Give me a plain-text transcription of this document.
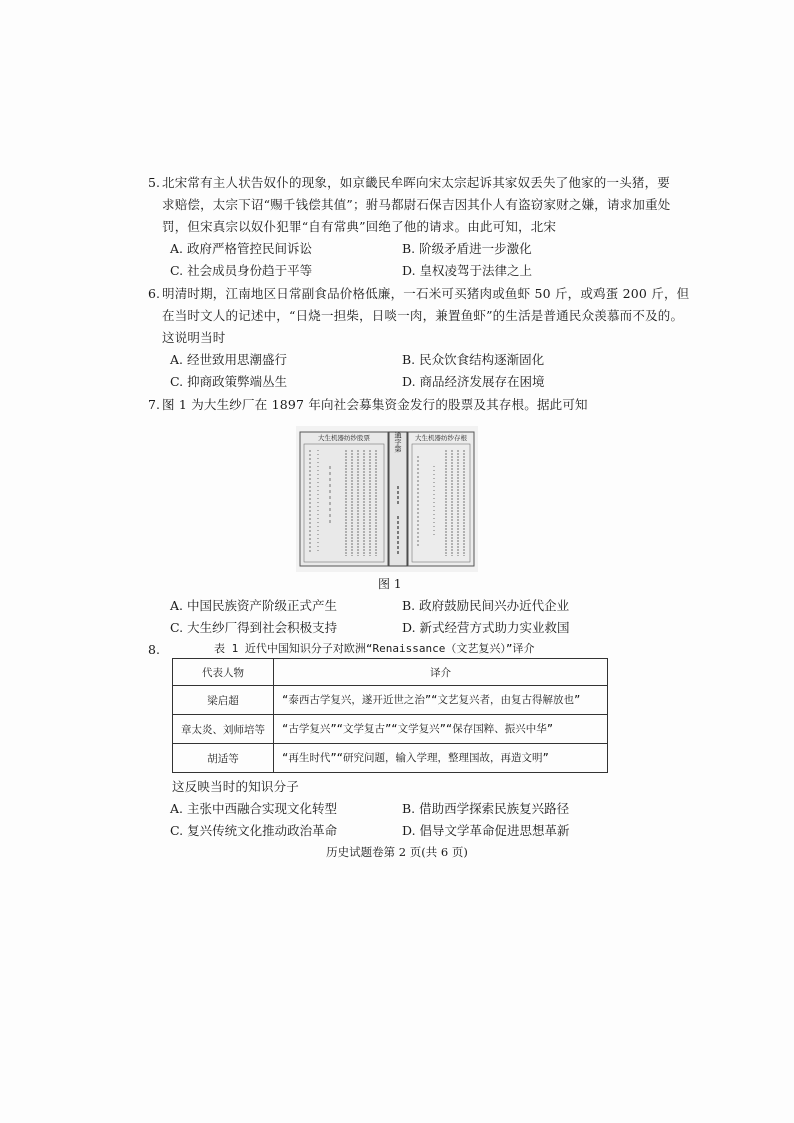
5. 北宋常有主人状告奴仆的现象，如京畿民牟晖向宋太宗起诉其家奴丢失了他家的一头猪，要
求赔偿，太宗下诏“赐千钱偿其值”；驸马都尉石保吉因其仆人有盗窃家财之嫌，请求加重处
罚，但宋真宗以奴仆犯罪“自有常典”回绝了他的请求。由此可知，北宋
A. 政府严格管控民间诉讼	B. 阶级矛盾进一步激化
C. 社会成员身份趋于平等	D. 皇权凌驾于法律之上
6. 明清时期，江南地区日常副食品价格低廉，一石米可买猪肉或鱼虾 50 斤，或鸡蛋 200 斤，但
在当时文人的记述中，“日烧一担柴，日啖一肉，兼置鱼虾”的生活是普通民众羡慕而不及的。
这说明当时
A. 经世致用思潮盛行	B. 民众饮食结构逐渐固化
C. 抑商政策弊端丛生	D. 商品经济发展存在困境
7. 图 1 为大生纱厂在 1897 年向社会募集资金发行的股票及其存根。据此可知
大生机器纺纱股票	通字第 大生机器纺纱存根
图 1
A. 中国民族资产阶级正式产生	B. 政府鼓励民间兴办近代企业
C. 大生纱厂得到社会积极支持	D. 新式经营方式助力实业救国
8.	表 1 近代中国知识分子对欧洲“Renaissance（文艺复兴）”译介
代表人物	译介
梁启超	“泰西古学复兴，遂开近世之治”“文艺复兴者，由复古得解放也”
章太炎、刘师培等	“古学复兴”“文学复古”“文学复兴”“保存国粹、振兴中华”
胡适等	“再生时代”“研究问题，输入学理，整理国故，再造文明”
这反映当时的知识分子
A. 主张中西融合实现文化转型	B. 借助西学探索民族复兴路径
C. 复兴传统文化推动政治革命	D. 倡导文学革命促进思想革新
历史试题卷第 2 页(共 6 页)
